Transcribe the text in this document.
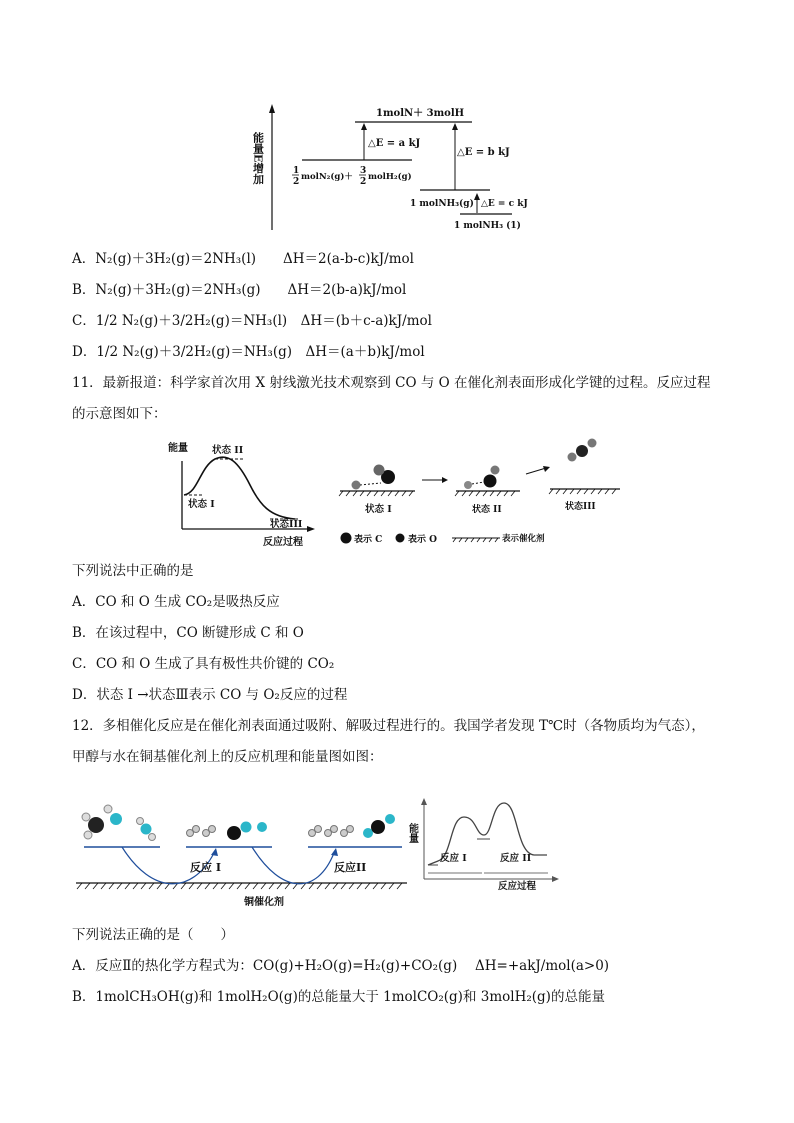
能量E增加
1molN＋ 3molH
1
2 molN₂(g)＋
3
2 molH₂(g)
△E = a kJ
△E = b kJ
1 molNH₃(g) △E = c kJ
1 molNH₃ (1)
A．N₂(g)＋3H₂(g)＝2NH₃(l)　　ΔH＝2(a-b-c)kJ/mol
B．N₂(g)＋3H₂(g)＝2NH₃(g)　　ΔH＝2(b-a)kJ/mol
C．1/2 N₂(g)＋3/2H₂(g)＝NH₃(l)　ΔH＝(b＋c-a)kJ/mol
D．1/2 N₂(g)＋3/2H₂(g)＝NH₃(g)　ΔH＝(a＋b)kJ/mol
11．最新报道：科学家首次用 X 射线激光技术观察到 CO 与 O 在催化剂表面形成化学键的过程。反应过程
的示意图如下：
能量
反应过程
状态 I
状态 II
状态III
状态 I	状态 II	状态III
表示 C	表示 O	表示催化剂
下列说法中正确的是
A．CO 和 O 生成 CO₂是吸热反应
B．在该过程中，CO 断键形成 C 和 O
C．CO 和 O 生成了具有极性共价键的 CO₂
D．状态 Ⅰ →状态Ⅲ表示 CO 与 O₂反应的过程
12．多相催化反应是在催化剂表面通过吸附、解吸过程进行的。我国学者发现 T℃时（各物质均为气态），
甲醇与水在铜基催化剂上的反应机理和能量图如图：
铜催化剂
反应 I	反应II
能量
反应 I	反应 II
反应过程
下列说法正确的是（　　）
A．反应Ⅱ的热化学方程式为：CO(g)+H₂O(g)=H₂(g)+CO₂(g)　 ΔH=+akJ/mol(a>0)
B．1molCH₃OH(g)和 1molH₂O(g)的总能量大于 1molCO₂(g)和 3molH₂(g)的总能量
